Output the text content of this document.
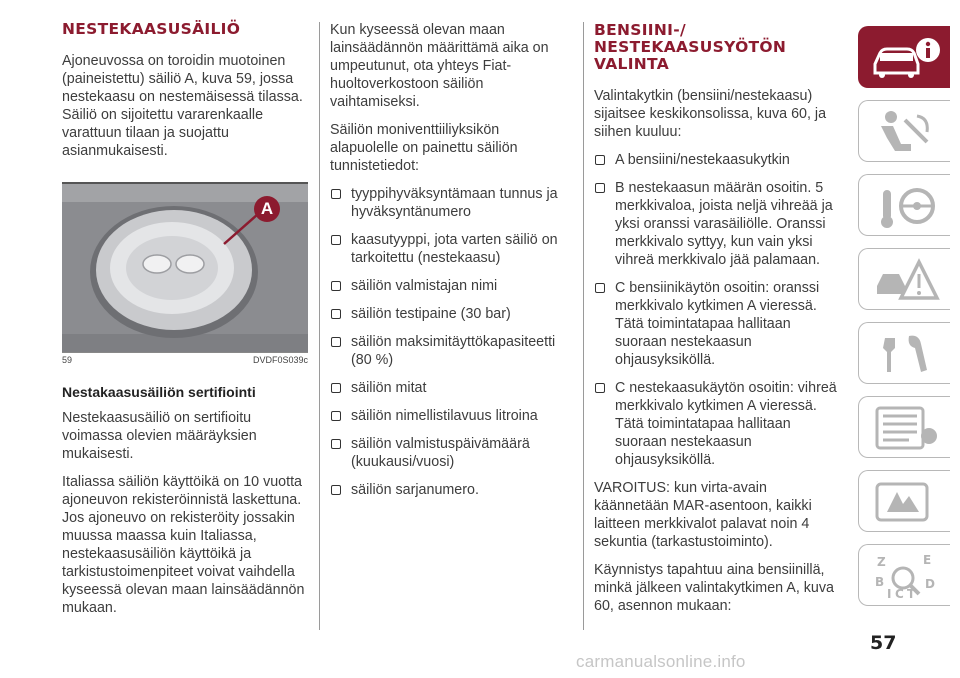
NESTEKAASUSÄILIÖ

Ajoneuvossa on toroidin muotoinen (paineistettu) säiliö A, kuva 59, jossa nestekaasu on nestemäisessä tilassa. Säiliö on sijoitettu vararenkaalle varattuun tilaan ja suojattu asianmukaisesti.

A
59	DVDF0S039c
Nestakaasusäiliön sertifiointi

Nestekaasusäiliö on sertifioitu voimassa olevien määräyksien mukaisesti.

Italiassa säiliön käyttöikä on 10 vuotta ajoneuvon rekisteröinnistä laskettuna. Jos ajoneuvo on rekisteröity jossakin muussa maassa kuin Italiassa, nestekaasusäiliön käyttöikä ja tarkistustoimenpiteet voivat vaihdella kyseessä olevan maan lainsäädännön mukaan.

Kun kyseessä olevan maan lainsäädännön määrittämä aika on umpeutunut, ota yhteys Fiat-huoltoverkostoon säiliön vaihtamiseksi.

Säiliön moniventtiiliyksikön alapuolelle on painettu säiliön tunnistetiedot:

tyyppihyväksyntämaan tunnus ja hyväksyntänumero
kaasutyyppi, jota varten säiliö on tarkoitettu (nestekaasu)
säiliön valmistajan nimi
säiliön testipaine (30 bar)
säiliön maksimitäyttökapasiteetti (80 %)
säiliön mitat
säiliön nimellistilavuus litroina
säiliön valmistuspäivämäärä (kuukausi/vuosi)
säiliön sarjanumero.
BENSIINI-/ NESTEKAASUSYÖTÖN VALINTA

Valintakytkin (bensiini/nestekaasu) sijaitsee keskikonsolissa, kuva 60, ja siihen kuuluu:

A bensiini/nestekaasukytkin
B nestekaasun määrän osoitin. 5 merkkivaloa, joista neljä vihreää ja yksi oranssi varasäiliölle. Oranssi merkkivalo syttyy, kun vain yksi vihreä merkkivalo jää palamaan.
C bensiinikäytön osoitin: oranssi merkkivalo kytkimen A vieressä. Tätä toimintatapaa hallitaan suoraan nestekaasun ohjausyksiköllä.
C nestekaasukäytön osoitin: vihreä merkkivalo kytkimen A vieressä. Tätä toimintatapaa hallitaan suoraan nestekaasun ohjausyksiköllä.

VAROITUS: kun virta-avain käännetään MAR-asentoon, kaikki laitteen merkkivalot palavat noin 4 sekuntia (tarkastustoiminto).

Käynnistys tapahtuu aina bensiinillä, minkä jälkeen valintakytkimen A, kuva 60, asennon mukaan:

Z	E
B	D
I C T
57
carmanualsonline.info
